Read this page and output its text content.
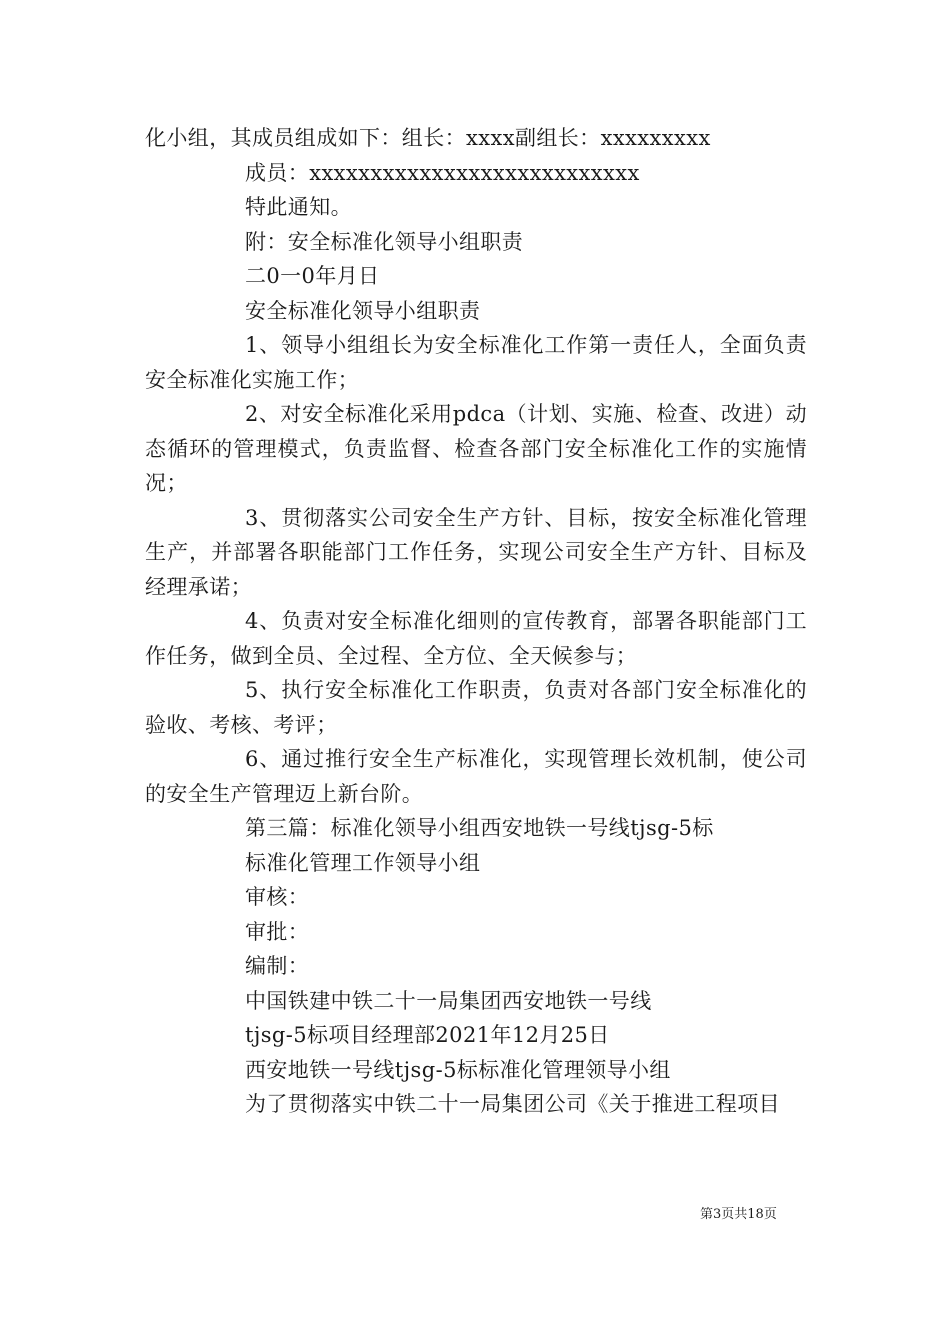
化小组，其成员组成如下：组长：xxxx副组长：xxxxxxxxx
成员：xxxxxxxxxxxxxxxxxxxxxxxxxxx
特此通知。
附：安全标准化领导小组职责
二0一0年月日
安全标准化领导小组职责
1、领导小组组长为安全标准化工作第一责任人，全面负责安全标准化实施工作；
2、对安全标准化采用pdca（计划、实施、检查、改进）动态循环的管理模式，负责监督、检查各部门安全标准化工作的实施情况；
3、贯彻落实公司安全生产方针、目标，按安全标准化管理生产，并部署各职能部门工作任务，实现公司安全生产方针、目标及经理承诺；
4、负责对安全标准化细则的宣传教育，部署各职能部门工作任务，做到全员、全过程、全方位、全天候参与；
5、执行安全标准化工作职责，负责对各部门安全标准化的验收、考核、考评；
6、通过推行安全生产标准化，实现管理长效机制，使公司的安全生产管理迈上新台阶。
第三篇：标准化领导小组西安地铁一号线tjsg-5标
标准化管理工作领导小组
审核：
审批：
编制：
中国铁建中铁二十一局集团西安地铁一号线
tjsg-5标项目经理部2021年12月25日
西安地铁一号线tjsg-5标标准化管理领导小组
为了贯彻落实中铁二十一局集团公司《关于推进工程项目
第3页共18页
